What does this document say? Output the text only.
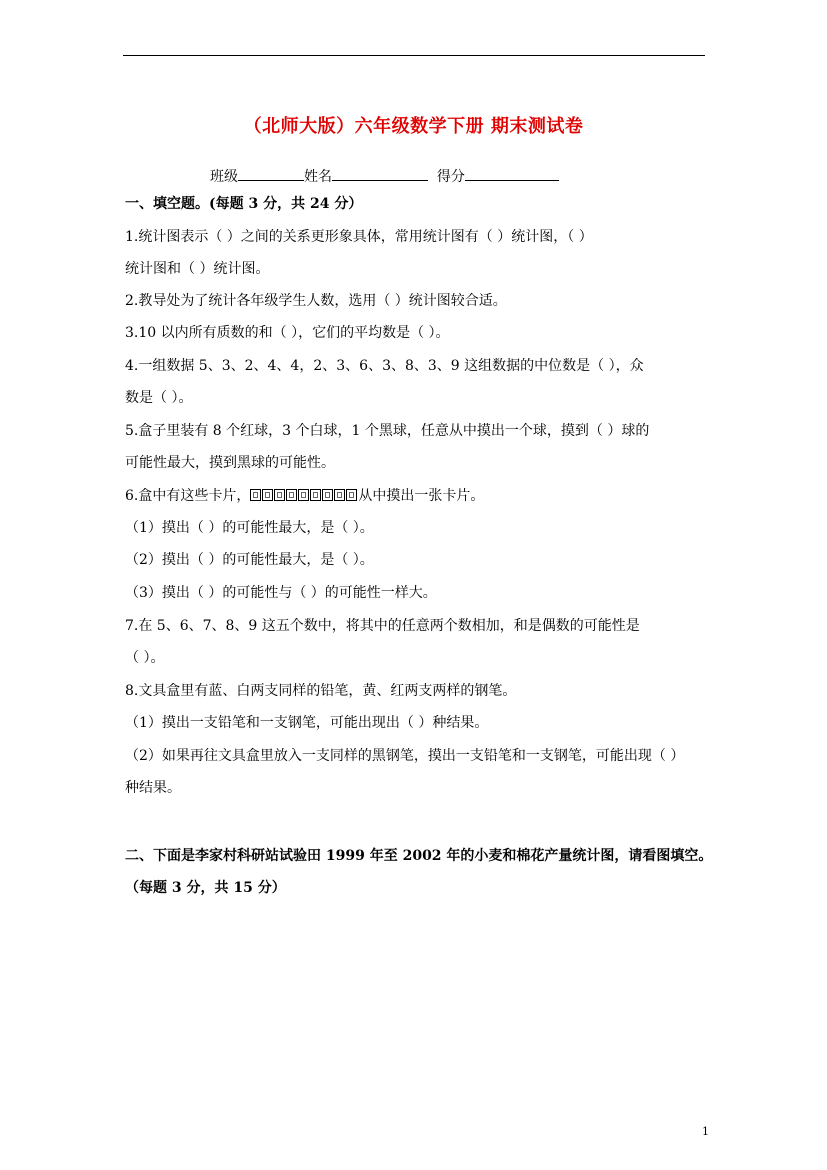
（北师大版）六年级数学下册 期末测试卷
班级	姓名	得分
一、填空题。(每题 3 分，共 24 分）
1.统计图表示（ ）之间的关系更形象具体，常用统计图有（ ）统计图，（ ）
统计图和（ ）统计图。
2.教导处为了统计各年级学生人数，选用（ ）统计图较合适。
3.10 以内所有质数的和（ ），它们的平均数是（ ）。
4.一组数据 5、3、2、4、4，2、3、6、3、8、3、9 这组数据的中位数是（ ），众
数是（ ）。
5.盒子里装有 8 个红球，3 个白球，1 个黑球，任意从中摸出一个球，摸到（ ）球的
可能性最大，摸到黑球的可能性。
6.盒中有这些卡片，	从中摸出一张卡片。
（1）摸出（ ）的可能性最大，是（ ）。
（2）摸出（ ）的可能性最大，是（ ）。
（3）摸出（ ）的可能性与（ ）的可能性一样大。
7.在 5、6、7、8、9 这五个数中，将其中的任意两个数相加，和是偶数的可能性是
（ ）。
8.文具盒里有蓝、白两支同样的铅笔，黄、红两支两样的钢笔。
（1）摸出一支铅笔和一支钢笔，可能出现出（ ）种结果。
（2）如果再往文具盒里放入一支同样的黑钢笔，摸出一支铅笔和一支钢笔，可能出现（ ）
种结果。
二、下面是李家村科研站试验田 1999 年至 2002 年的小麦和棉花产量统计图，请看图填空。
（每题 3 分，共 15 分）
1
